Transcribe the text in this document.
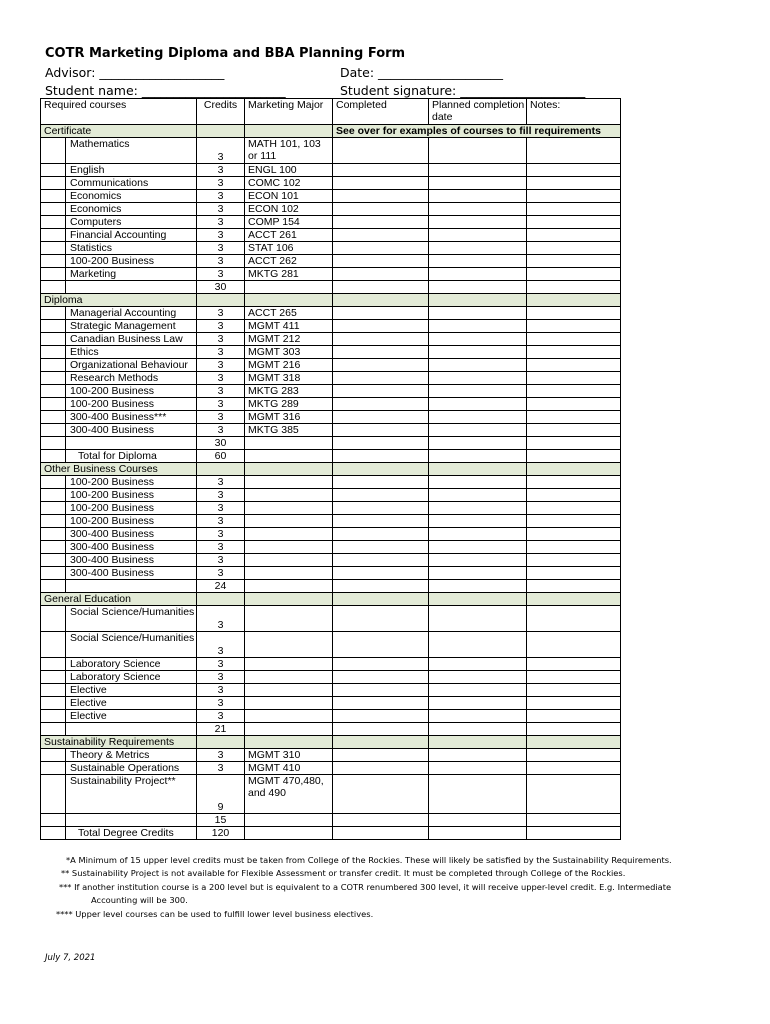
COTR Marketing Diploma and BBA Planning Form
Advisor: ____________________
Student name: _______________________
Date: ____________________
Student signature: ____________________
Required courses		Credits	Marketing Major	Completed	Planned completion date	Notes:
Certificate				See over for examples of courses to fill requirements		
	Mathematics	3	MATH 101, 103 or 111			
	English	3	ENGL 100			
	Communications	3	COMC 102			
	Economics	3	ECON 101			
	Economics	3	ECON 102			
	Computers	3	COMP 154			
	Financial Accounting	3	ACCT 261			
	Statistics	3	STAT 106			
	100-200 Business	3	ACCT 262			
	Marketing	3	MKTG 281			
		30				
Diploma						
	Managerial Accounting	3	ACCT 265			
	Strategic Management	3	MGMT 411			
	Canadian Business Law	3	MGMT 212			
	Ethics	3	MGMT 303			
	Organizational Behaviour	3	MGMT 216			
	Research Methods	3	MGMT 318			
	100-200 Business	3	MKTG 283			
	100-200 Business	3	MKTG 289			
	300-400 Business***	3	MGMT 316			
	300-400 Business	3	MKTG 385			
		30				
	Total for Diploma	60				
Other Business Courses						
	100-200 Business	3				
	100-200 Business	3				
	100-200 Business	3				
	100-200 Business	3				
	300-400 Business	3				
	300-400 Business	3				
	300-400 Business	3				
	300-400 Business	3				
		24				
General Education						
	Social Science/Humanities	3				
	Social Science/Humanities	3				
	Laboratory Science	3				
	Laboratory Science	3				
	Elective	3				
	Elective	3				
	Elective	3				
		21				
Sustainability Requirements						
	Theory & Metrics	3	MGMT 310			
	Sustainable Operations	3	MGMT 410			
	Sustainability Project**	9	MGMT 470,480, and 490			
		15				
	Total Degree Credits	120				
*A Minimum of 15 upper level credits must be taken from College of the Rockies. These will likely be satisfied by the Sustainability Requirements.
** Sustainability Project is not available for Flexible Assessment or transfer credit. It must be completed through College of the Rockies.
*** If another institution course is a 200 level but is equivalent to a COTR renumbered 300 level, it will receive upper-level credit. E.g. Intermediate
Accounting will be 300.
**** Upper level courses can be used to fulfill lower level business electives.
July 7, 2021
